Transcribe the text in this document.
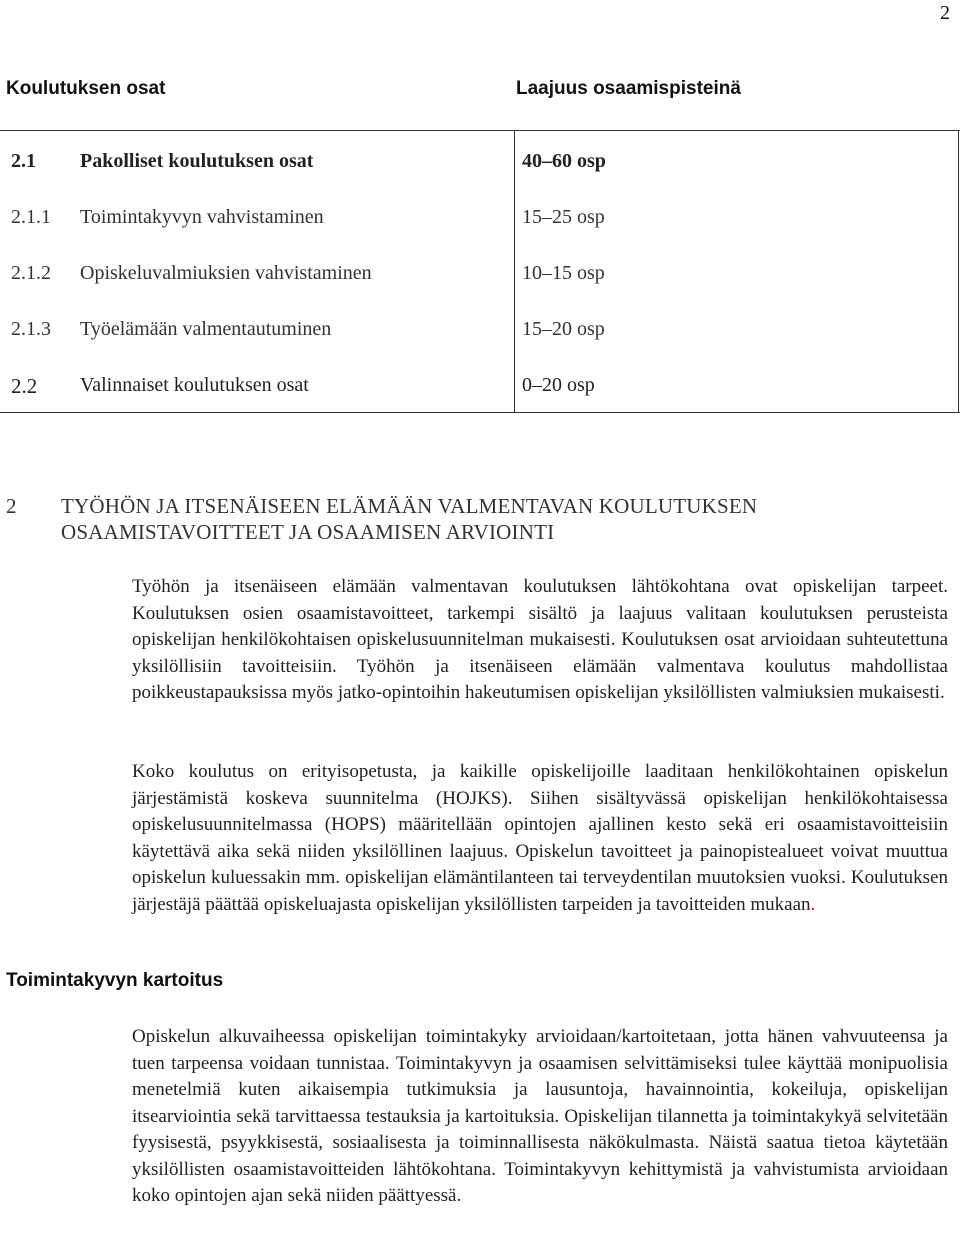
2
Koulutuksen osat	Laajuus osaamispisteinä
2.1 Pakolliset koulutuksen osat	40–60 osp
2.1.1 Toimintakyvyn vahvistaminen	15–25 osp
2.1.2 Opiskeluvalmiuksien vahvistaminen	10–15 osp
2.1.3 Työelämään valmentautuminen	15–20 osp
2.2 Valinnaiset koulutuksen osat	0–20 osp
2 TYÖHÖN JA ITSENÄISEEN ELÄMÄÄN VALMENTAVAN KOULUTUKSEN OSAAMISTAVOITTEET JA OSAAMISEN ARVIOINTI
Työhön ja itsenäiseen elämään valmentavan koulutuksen lähtökohtana ovat opiskelijan tarpeet. Koulutuksen osien osaamistavoitteet, tarkempi sisältö ja laajuus valitaan koulutuksen perusteista opiskelijan henkilökohtaisen opiskelusuunnitelman mukaisesti. Koulutuksen osat arvioidaan suhteutettuna yksilöllisiin tavoitteisiin. Työhön ja itsenäiseen elämään valmentava koulutus mahdollistaa poikkeustapauksissa myös jatko-opintoihin hakeutumisen opiskelijan yksilöllisten valmiuksien mukaisesti.
Koko koulutus on erityisopetusta, ja kaikille opiskelijoille laaditaan henkilökohtainen opiskelun järjestämistä koskeva suunnitelma (HOJKS). Siihen sisältyvässä opiskelijan henkilökohtaisessa opiskelusuunnitelmassa (HOPS) määritellään opintojen ajallinen kesto sekä eri osaamistavoitteisiin käytettävä aika sekä niiden yksilöllinen laajuus. Opiskelun tavoitteet ja painopistealueet voivat muuttua opiskelun kuluessakin mm. opiskelijan elämäntilanteen tai terveydentilan muutoksien vuoksi. Koulutuksen järjestäjä päättää opiskeluajasta opiskelijan yksilöllisten tarpeiden ja tavoitteiden mukaan.
Toimintakyvyn kartoitus
Opiskelun alkuvaiheessa opiskelijan toimintakyky arvioidaan/kartoitetaan, jotta hänen vahvuuteensa ja tuen tarpeensa voidaan tunnistaa. Toimintakyvyn ja osaamisen selvittämiseksi tulee käyttää monipuolisia menetelmiä kuten aikaisempia tutkimuksia ja lausuntoja, havainnointia, kokeiluja, opiskelijan itsearviointia sekä tarvittaessa testauksia ja kartoituksia. Opiskelijan tilannetta ja toimintakykyä selvitetään fyysisestä, psyykkisestä, sosiaalisesta ja toiminnallisesta näkökulmasta. Näistä saatua tietoa käytetään yksilöllisten osaamistavoitteiden lähtökohtana. Toimintakyvyn kehittymistä ja vahvistumista arvioidaan koko opintojen ajan sekä niiden päättyessä.
